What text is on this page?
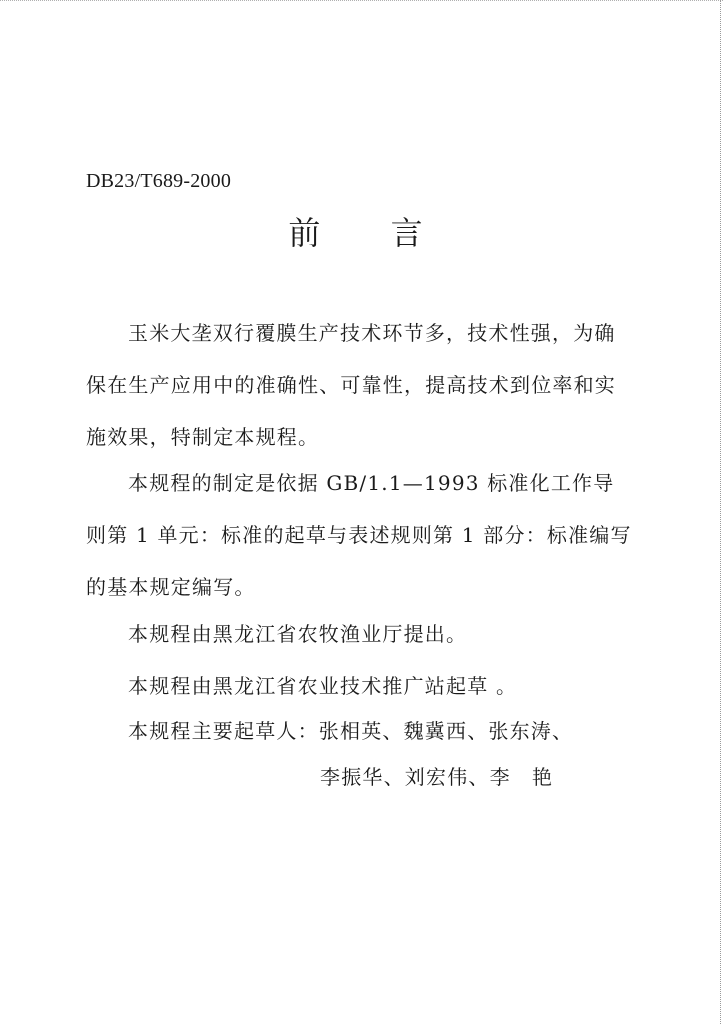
DB23/T689-2000
前 言

玉米大垄双行覆膜生产技术环节多，技术性强，为确保在生产应用中的准确性、可靠性，提高技术到位率和实施效果，特制定本规程。

本规程的制定是依据 GB/1.1—1993 标准化工作导则第 1 单元：标准的起草与表述规则第 1 部分：标准编写的基本规定编写。

本规程由黑龙江省农牧渔业厅提出。

本规程由黑龙江省农业技术推广站起草 。

本规程主要起草人：张相英、魏冀西、张东涛、

李振华、刘宏伟、李　艳
